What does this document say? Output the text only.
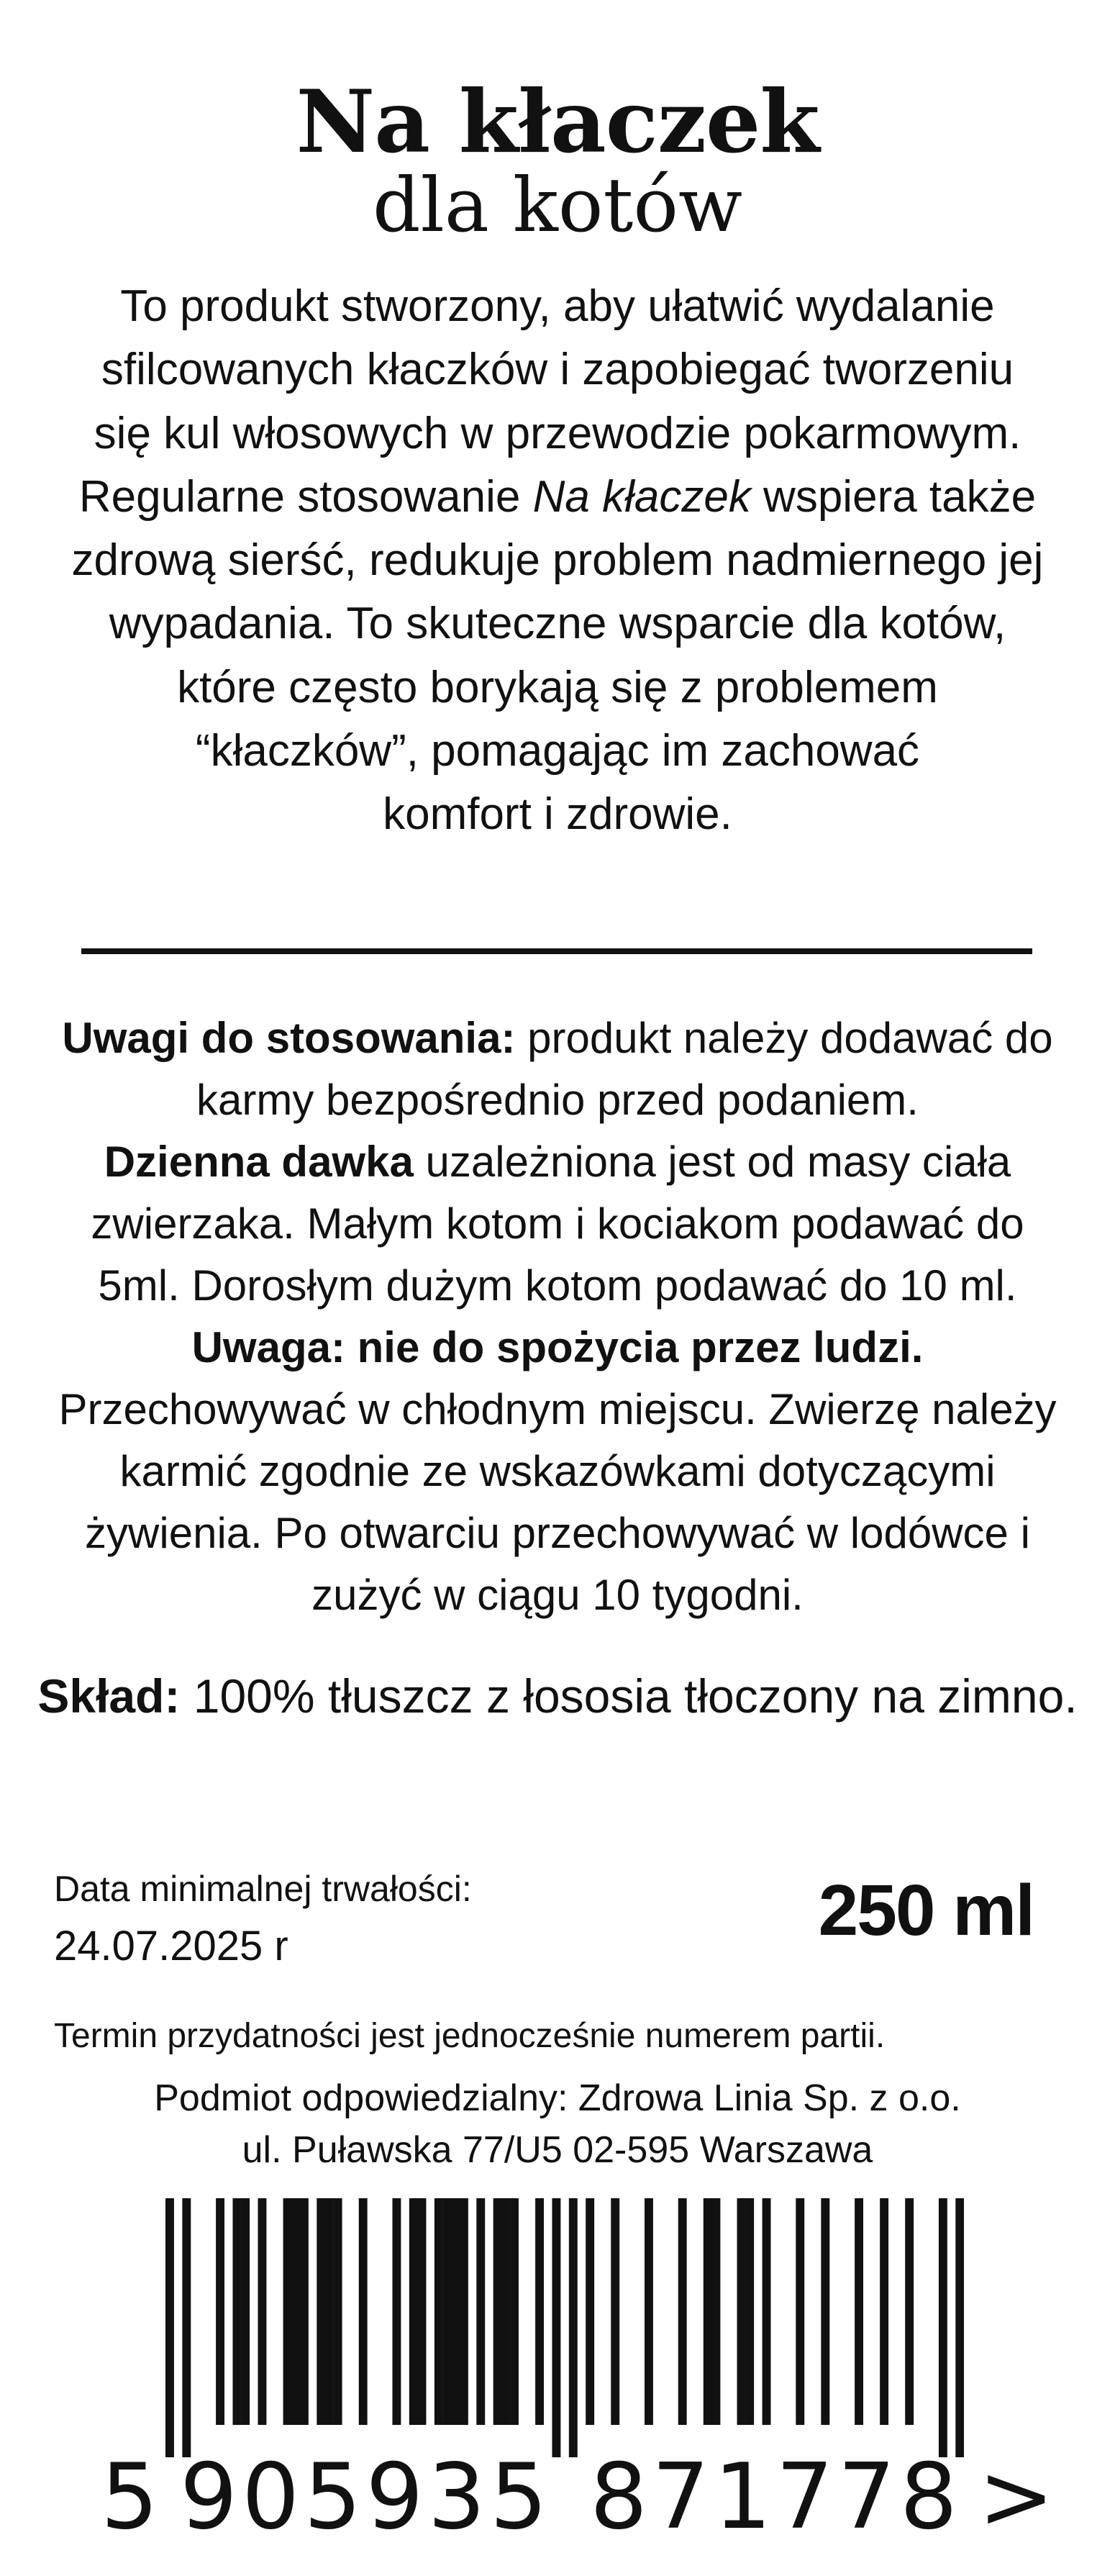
Na kłaczek
dla kotów
To produkt stworzony, aby ułatwić wydalanie
sfilcowanych kłaczków i zapobiegać tworzeniu
się kul włosowych w przewodzie pokarmowym.
Regularne stosowanie Na kłaczek wspiera także
zdrową sierść, redukuje problem nadmiernego jej
wypadania. To skuteczne wsparcie dla kotów,
które często borykają się z problemem
“kłaczków”, pomagając im zachować
komfort i zdrowie.
Uwagi do stosowania: produkt należy dodawać do
karmy bezpośrednio przed podaniem.
Dzienna dawka uzależniona jest od masy ciała
zwierzaka. Małym kotom i kociakom podawać do
5ml. Dorosłym dużym kotom podawać do 10 ml.
Uwaga: nie do spożycia przez ludzi.
Przechowywać w chłodnym miejscu. Zwierzę należy
karmić zgodnie ze wskazówkami dotyczącymi
żywienia. Po otwarciu przechowywać w lodówce i
zużyć w ciągu 10 tygodni.
Skład: 100% tłuszcz z łososia tłoczony na zimno.
Data minimalnej trwałości:
24.07.2025 r	250 ml
Termin przydatności jest jednocześnie numerem partii.
Podmiot odpowiedzialny: Zdrowa Linia Sp. z o.o.
ul. Puławska 77/U5 02-595 Warszawa
5 905935 871778 >
